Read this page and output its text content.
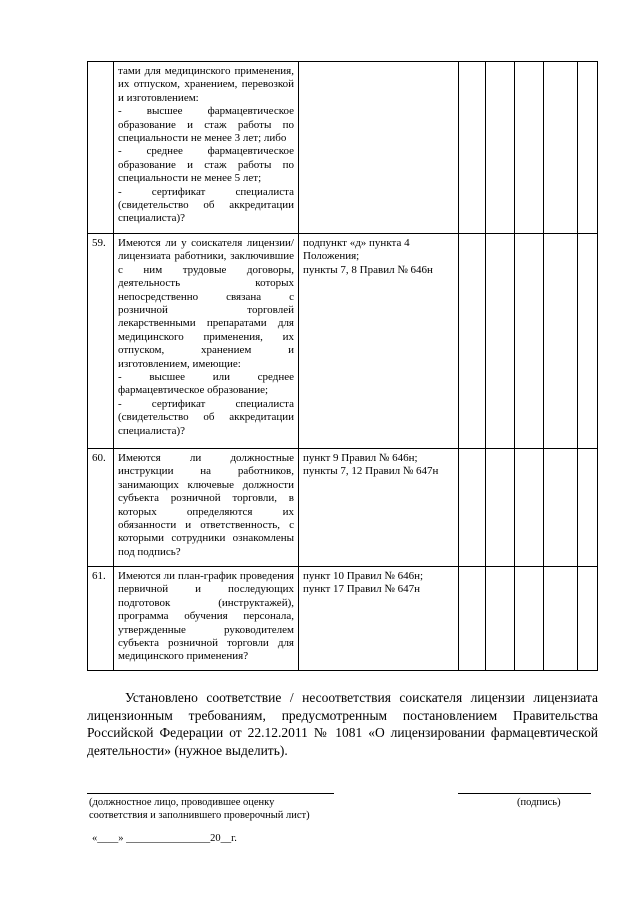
	тами для медицинского применения, их отпуском, хранением, перевозкой и изготовлением:
- высшее фармацевтическое образование и стаж работы по специальности не менее 3 лет; либо
- среднее фармацевтическое образование и стаж работы по специальности не менее 5 лет;
- сертификат специалиста (свидетельство об аккредитации специалиста)?						
59.	Имеются ли у соискателя лицензии/лицензиата работники, заключившие с ним трудовые договоры, деятельность которых непосредственно связана с розничной торговлей лекарственными препаратами для медицинского применения, их отпуском, хранением и изготовлением, имеющие:
- высшее или среднее фармацевтическое образование;
- сертификат специалиста (свидетельство об аккредитации специалиста)?	подпункт «д» пункта 4 Положения;
пункты 7, 8 Правил № 646н					
60.	Имеются ли должностные инструкции на работников, занимающих ключевые должности субъекта розничной торговли, в которых определяются их обязанности и ответственность, с которыми сотрудники ознакомлены под подпись?	пункт 9 Правил № 646н;
пункты 7, 12 Правил № 647н					
61.	Имеются ли план-график проведения первичной и последующих подготовок (инструктажей), программа обучения персонала, утвержденные руководителем субъекта розничной торговли для медицинского применения?	пункт 10 Правил № 646н;
пункт 17 Правил № 647н					

Установлено соответствие / несоответствия соискателя лицензии лицензиата лицензионным требованиям, предусмотренным постановлением Правительства Российской Федерации от 22.12.2011 № 1081 «О лицензировании фармацевтической деятельности» (нужное выделить).

(должностное лицо, проводившее оценку
соответствия и заполнившего проверочный лист)
(подпись)
«____» ________________20__г.
